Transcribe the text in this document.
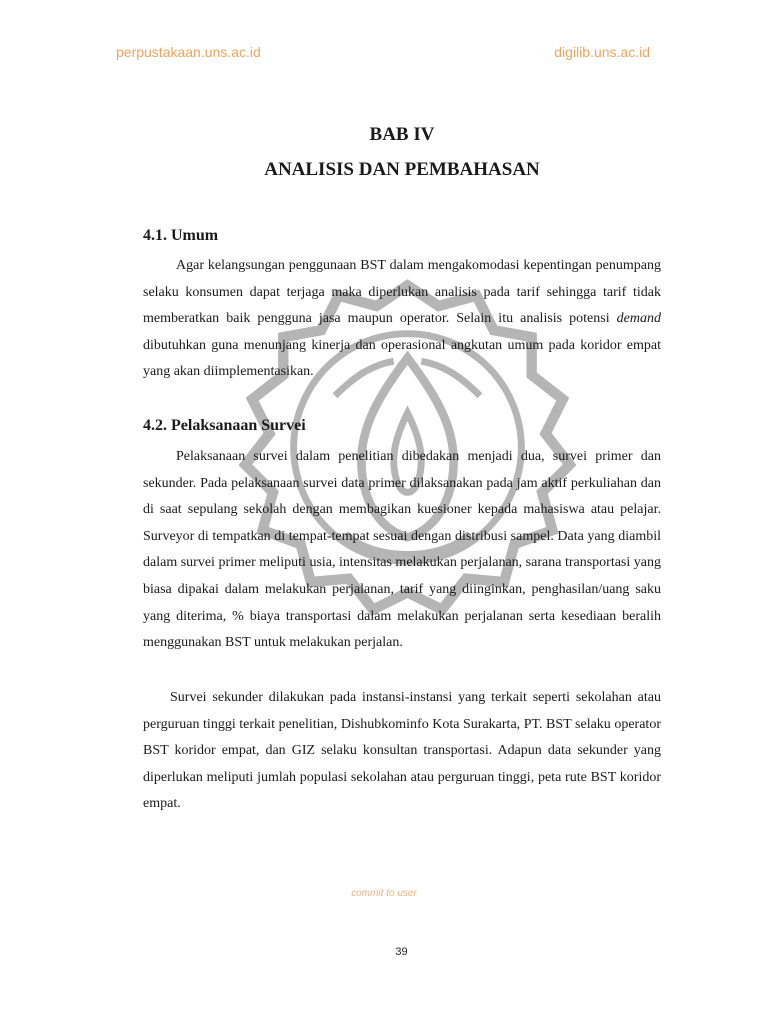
perpustakaan.uns.ac.id	digilib.uns.ac.id
BAB IV
ANALISIS DAN PEMBAHASAN
4.1. Umum

Agar kelangsungan penggunaan BST dalam mengakomodasi kepentingan penumpang selaku konsumen dapat terjaga maka diperlukan analisis pada tarif sehingga tarif tidak memberatkan baik pengguna jasa maupun operator. Selain itu analisis potensi demand dibutuhkan guna menunjang kinerja dan operasional angkutan umum pada koridor empat yang akan diimplementasikan.

4.2. Pelaksanaan Survei

Pelaksanaan survei dalam penelitian dibedakan menjadi dua, survei primer dan sekunder. Pada pelaksanaan survei data primer dilaksanakan pada jam aktif perkuliahan dan di saat sepulang sekolah dengan membagikan kuesioner kepada mahasiswa atau pelajar. Surveyor di tempatkan di tempat-tempat sesuai dengan distribusi sampel. Data yang diambil dalam survei primer meliputi usia, intensitas melakukan perjalanan, sarana transportasi yang biasa dipakai dalam melakukan perjalanan, tarif yang diinginkan, penghasilan/uang saku yang diterima, % biaya transportasi dalam melakukan perjalanan serta kesediaan beralih menggunakan BST untuk melakukan perjalan.

Survei sekunder dilakukan pada instansi-instansi yang terkait seperti sekolahan atau perguruan tinggi terkait penelitian, Dishubkominfo Kota Surakarta, PT. BST selaku operator BST koridor empat, dan GIZ selaku konsultan transportasi. Adapun data sekunder yang diperlukan meliputi jumlah populasi sekolahan atau perguruan tinggi, peta rute BST koridor empat.

commit to user
39
